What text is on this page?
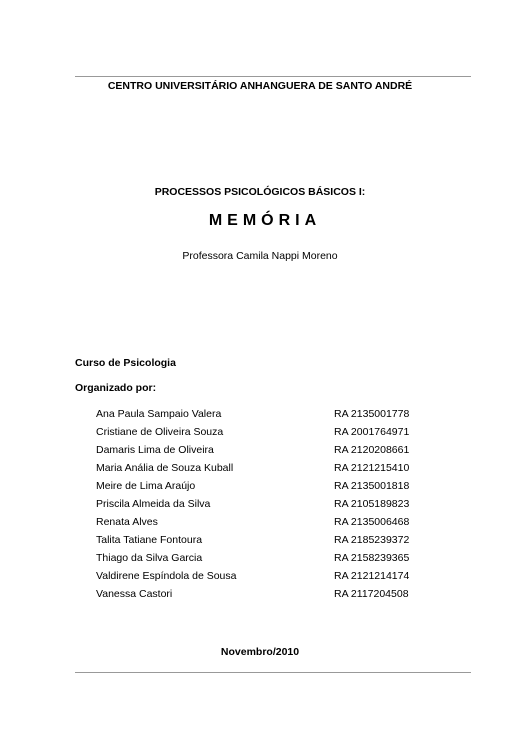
CENTRO UNIVERSITÁRIO ANHANGUERA DE SANTO ANDRÉ
PROCESSOS PSICOLÓGICOS BÁSICOS I:
MEMÓRIA
Professora Camila Nappi Moreno
Curso de Psicologia
Organizado por:
Ana Paula Sampaio Valera	RA 2135001778
Cristiane de Oliveira Souza	RA 2001764971
Damaris Lima de Oliveira	RA 2120208661
Maria Anália de Souza Kuball	RA 2121215410
Meire de Lima Araújo	RA 2135001818
Priscila Almeida da Silva	RA 2105189823
Renata Alves	RA 2135006468
Talita Tatiane Fontoura	RA 2185239372
Thiago da Silva Garcia	RA 2158239365
Valdirene Espíndola de Sousa	RA 2121214174
Vanessa Castori	RA 2117204508
Novembro/2010
